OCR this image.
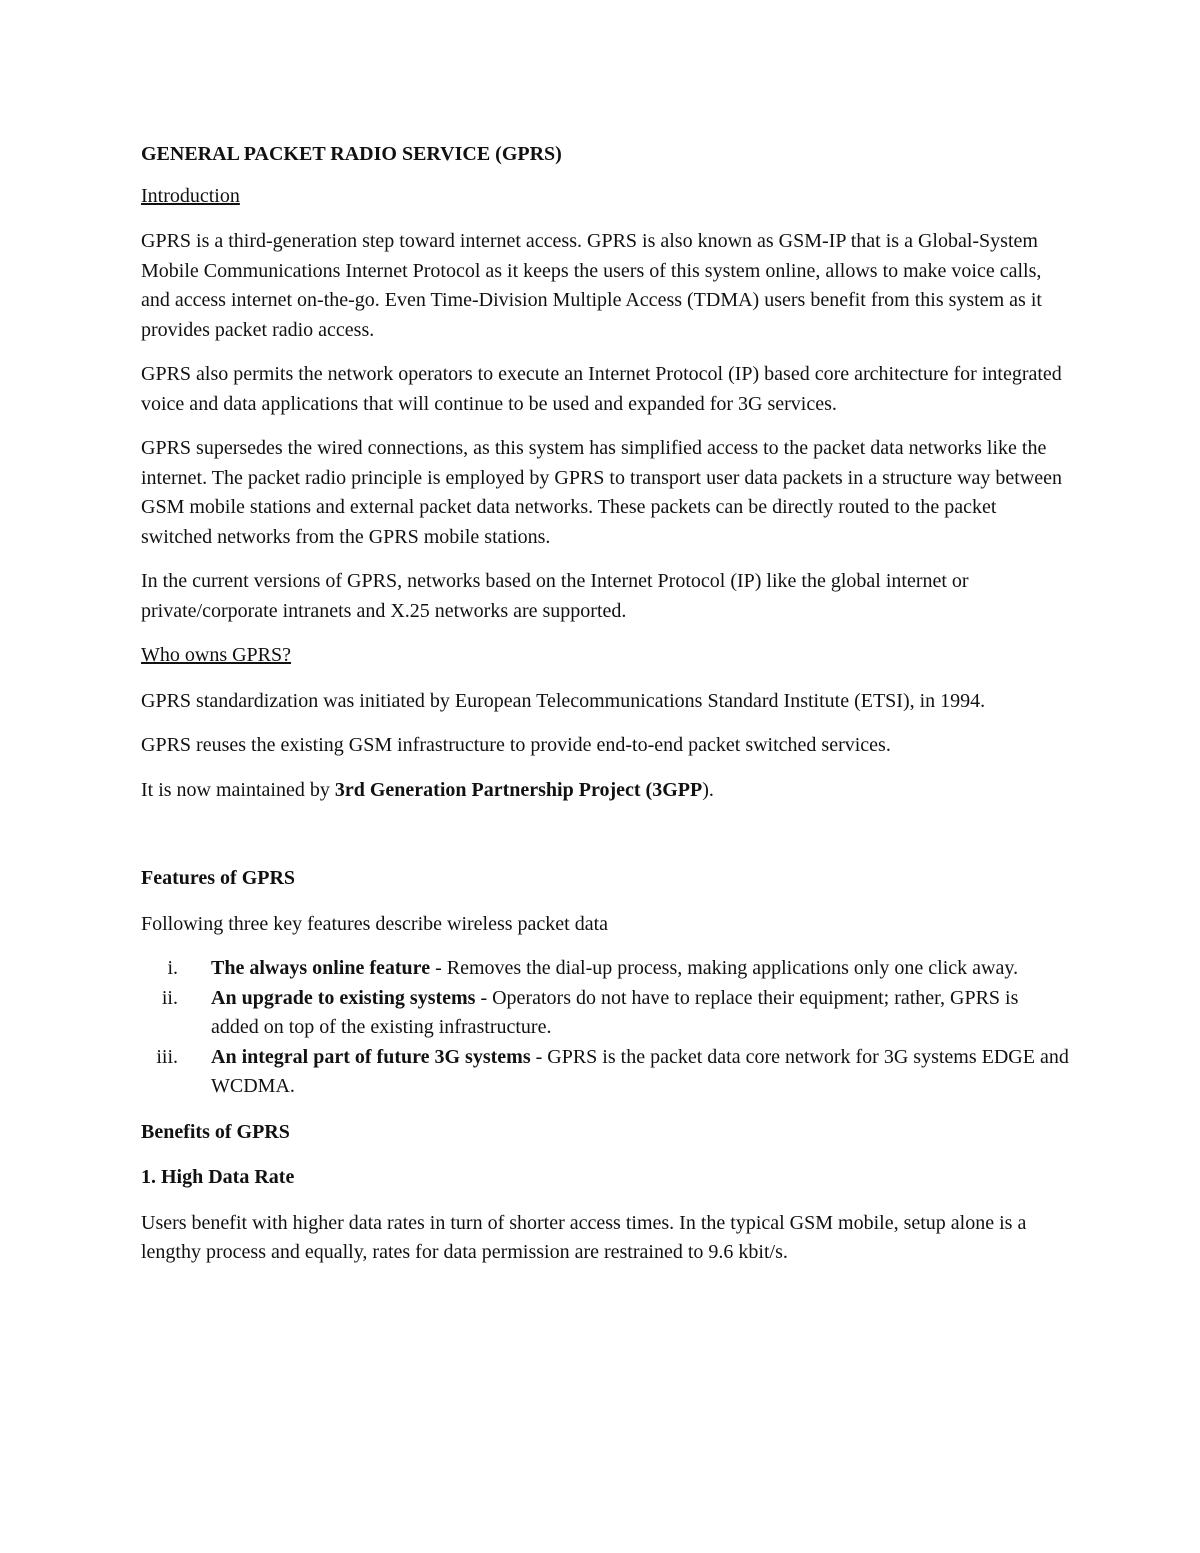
GENERAL PACKET RADIO SERVICE (GPRS)

Introduction

GPRS is a third-generation step toward internet access. GPRS is also known as GSM-IP that is a Global-System Mobile Communications Internet Protocol as it keeps the users of this system online, allows to make voice calls, and access internet on-the-go. Even Time-Division Multiple Access (TDMA) users benefit from this system as it provides packet radio access.

GPRS also permits the network operators to execute an Internet Protocol (IP) based core architecture for integrated voice and data applications that will continue to be used and expanded for 3G services.

GPRS supersedes the wired connections, as this system has simplified access to the packet data networks like the internet. The packet radio principle is employed by GPRS to transport user data packets in a structure way between GSM mobile stations and external packet data networks. These packets can be directly routed to the packet switched networks from the GPRS mobile stations.

In the current versions of GPRS, networks based on the Internet Protocol (IP) like the global internet or private/corporate intranets and X.25 networks are supported.

Who owns GPRS?

GPRS standardization was initiated by European Telecommunications Standard Institute (ETSI), in 1994.

GPRS reuses the existing GSM infrastructure to provide end-to-end packet switched services.

It is now maintained by 3rd Generation Partnership Project (3GPP).

Features of GPRS

Following three key features describe wireless packet data

i. The always online feature - Removes the dial-up process, making applications only one click away.
ii. An upgrade to existing systems - Operators do not have to replace their equipment; rather, GPRS is added on top of the existing infrastructure.
iii. An integral part of future 3G systems - GPRS is the packet data core network for 3G systems EDGE and WCDMA.

Benefits of GPRS

1. High Data Rate

Users benefit with higher data rates in turn of shorter access times. In the typical GSM mobile, setup alone is a lengthy process and equally, rates for data permission are restrained to 9.6 kbit/s.
